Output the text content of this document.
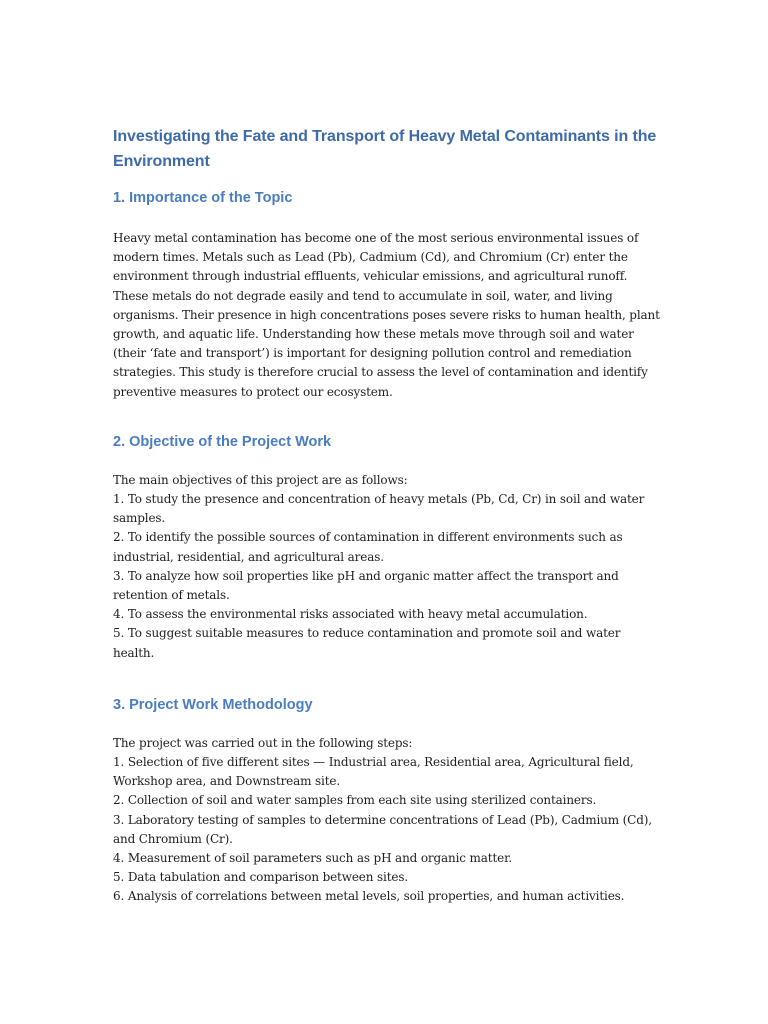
Investigating the Fate and Transport of Heavy Metal Contaminants in the
Environment
1. Importance of the Topic

Heavy metal contamination has become one of the most serious environmental issues of
modern times. Metals such as Lead (Pb), Cadmium (Cd), and Chromium (Cr) enter the
environment through industrial effluents, vehicular emissions, and agricultural runoff.
These metals do not degrade easily and tend to accumulate in soil, water, and living
organisms. Their presence in high concentrations poses severe risks to human health, plant
growth, and aquatic life. Understanding how these metals move through soil and water
(their ‘fate and transport’) is important for designing pollution control and remediation
strategies. This study is therefore crucial to assess the level of contamination and identify
preventive measures to protect our ecosystem.

2. Objective of the Project Work

The main objectives of this project are as follows:
1. To study the presence and concentration of heavy metals (Pb, Cd, Cr) in soil and water
samples.
2. To identify the possible sources of contamination in different environments such as
industrial, residential, and agricultural areas.
3. To analyze how soil properties like pH and organic matter affect the transport and
retention of metals.
4. To assess the environmental risks associated with heavy metal accumulation.
5. To suggest suitable measures to reduce contamination and promote soil and water
health.

3. Project Work Methodology

The project was carried out in the following steps:
1. Selection of five different sites — Industrial area, Residential area, Agricultural field,
Workshop area, and Downstream site.
2. Collection of soil and water samples from each site using sterilized containers.
3. Laboratory testing of samples to determine concentrations of Lead (Pb), Cadmium (Cd),
and Chromium (Cr).
4. Measurement of soil parameters such as pH and organic matter.
5. Data tabulation and comparison between sites.
6. Analysis of correlations between metal levels, soil properties, and human activities.
